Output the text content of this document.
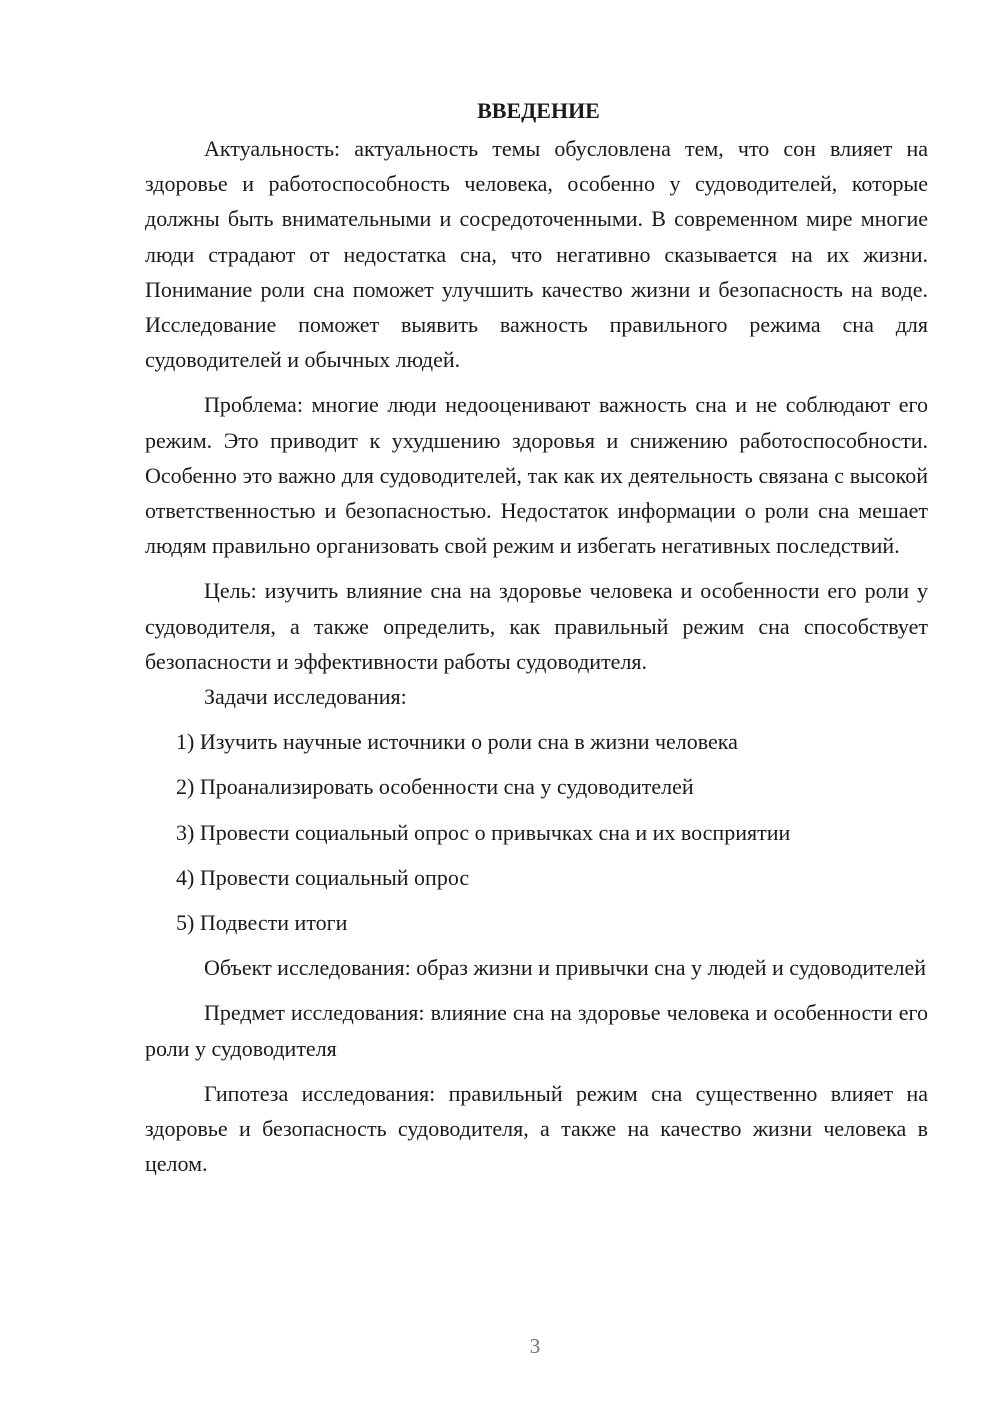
ВВЕДЕНИЕ

Актуальность: актуальность темы обусловлена тем, что сон влияет на здоровье и работоспособность человека, особенно у судоводителей, которые должны быть внимательными и сосредоточенными. В современном мире многие люди страдают от недостатка сна, что негативно сказывается на их жизни. Понимание роли сна поможет улучшить качество жизни и безопасность на воде. Исследование поможет выявить важность правильного режима сна для судоводителей и обычных людей.

Проблема: многие люди недооценивают важность сна и не соблюдают его режим. Это приводит к ухудшению здоровья и снижению работоспособности. Особенно это важно для судоводителей, так как их деятельность связана с высокой ответственностью и безопасностью. Недостаток информации о роли сна мешает людям правильно организовать свой режим и избегать негативных последствий.

Цель: изучить влияние сна на здоровье человека и особенности его роли у судоводителя, а также определить, как правильный режим сна способствует безопасности и эффективности работы судоводителя.

Задачи исследования:

1) Изучить научные источники о роли сна в жизни человека
2) Проанализировать особенности сна у судоводителей
3) Провести социальный опрос о привычках сна и их восприятии
4) Провести социальный опрос
5) Подвести итоги

Объект исследования: образ жизни и привычки сна у людей и судоводителей

Предмет исследования: влияние сна на здоровье человека и особенности его роли у судоводителя

Гипотеза исследования: правильный режим сна существенно влияет на здоровье и безопасность судоводителя, а также на качество жизни человека в целом.

3
